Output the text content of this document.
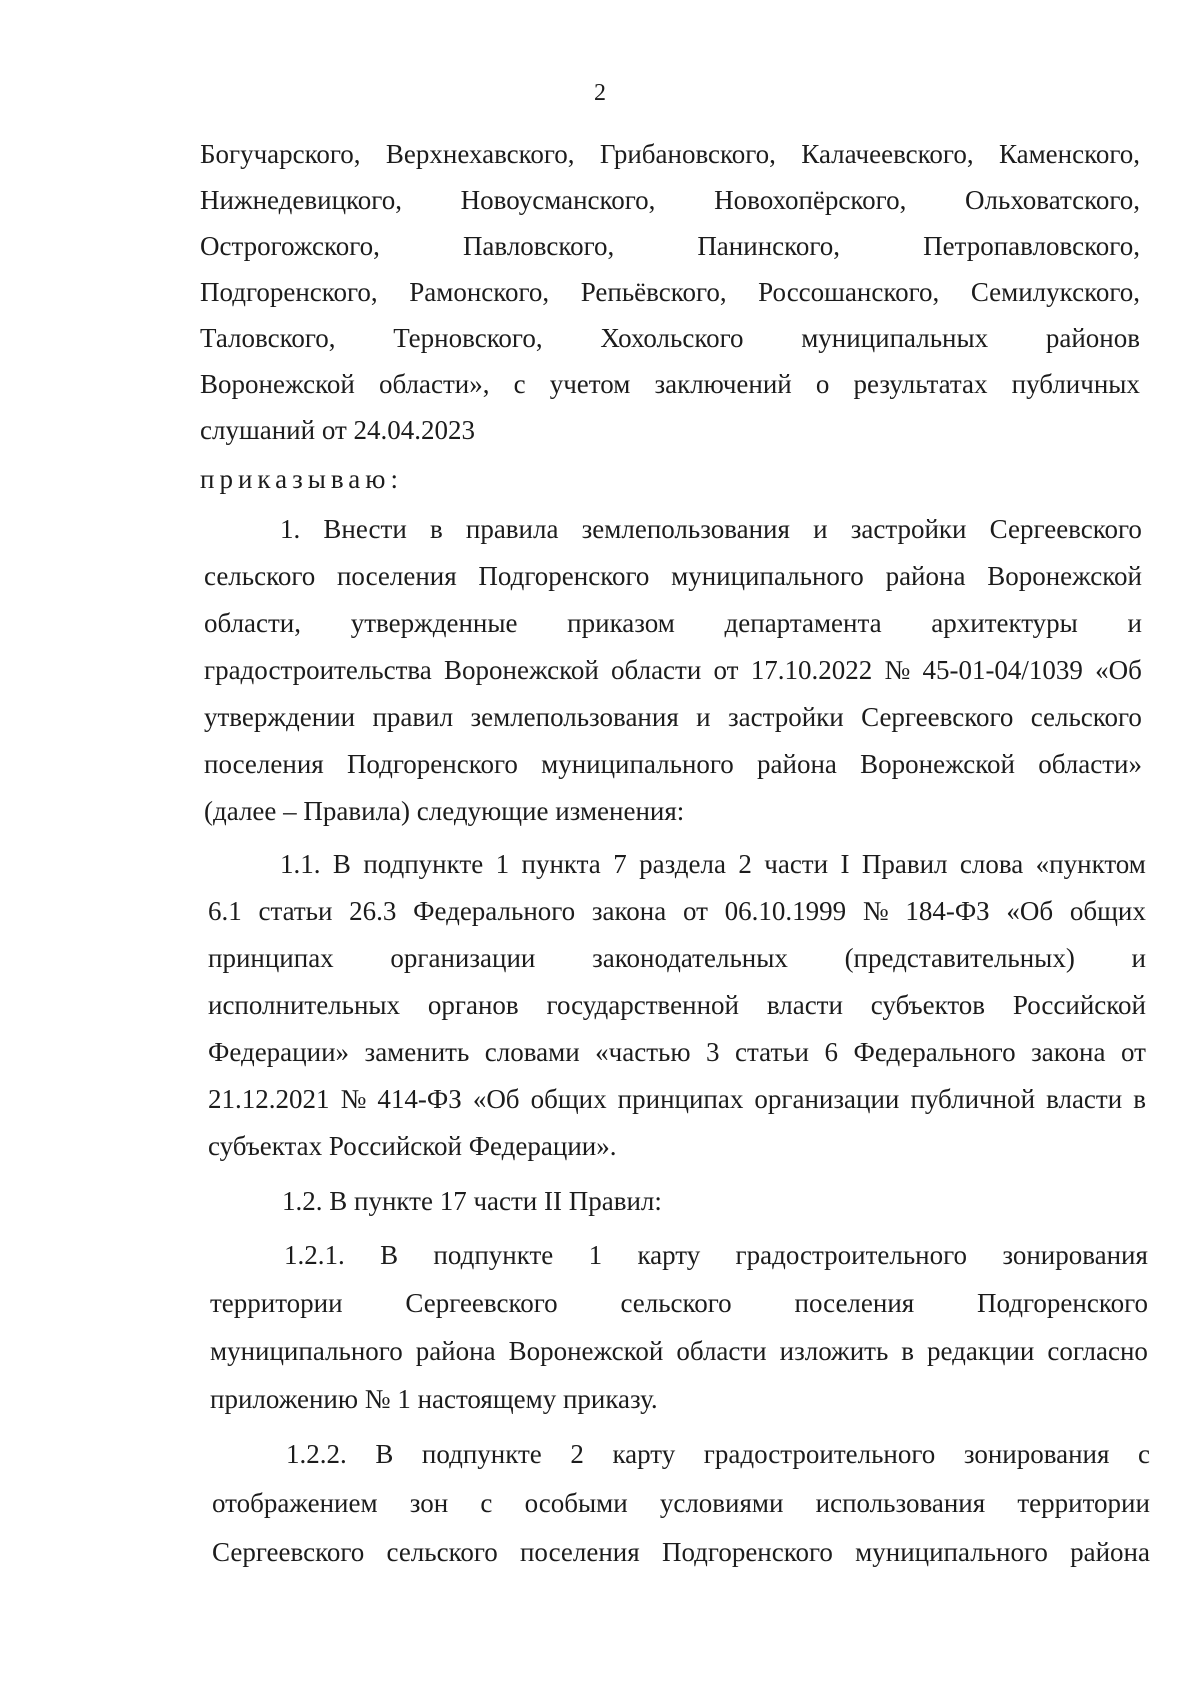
2
Богучарского, Верхнехавского, Грибановского, Калачеевского, Каменского,
Нижнедевицкого, Новоусманского, Новохопёрского, Ольховатского,
Острогожского,	Павловского,	Панинского,	Петропавловского,
Подгоренского, Рамонского, Репьёвского, Россошанского, Семилукского,
Таловского, Терновского, Хохольского муниципальных районов
Воронежской области», с учетом заключений о результатах публичных
слушаний от 24.04.2023
приказываю:
1. Внести в правила землепользования и застройки Сергеевского
сельского поселения Подгоренского муниципального района Воронежской
области, утвержденные приказом департамента архитектуры и
градостроительства Воронежской области от 17.10.2022 № 45-01-04/1039 «Об
утверждении правил землепользования и застройки Сергеевского сельского
поселения Подгоренского муниципального района Воронежской области»
(далее – Правила) следующие изменения:
1.1. В подпункте 1 пункта 7 раздела 2 части I Правил слова «пунктом
6.1 статьи 26.3 Федерального закона от 06.10.1999 № 184-ФЗ «Об общих
принципах организации законодательных (представительных) и
исполнительных органов государственной власти субъектов Российской
Федерации» заменить словами «частью 3 статьи 6 Федерального закона от
21.12.2021 № 414-ФЗ «Об общих принципах организации публичной власти в
субъектах Российской Федерации».
1.2. В пункте 17 части II Правил:
1.2.1. В подпункте 1 карту градостроительного зонирования
территории Сергеевского сельского поселения Подгоренского
муниципального района Воронежской области изложить в редакции согласно
приложению № 1 настоящему приказу.
1.2.2. В подпункте 2 карту градостроительного зонирования с
отображением зон с особыми условиями использования территории
Сергеевского сельского поселения Подгоренского муниципального района
